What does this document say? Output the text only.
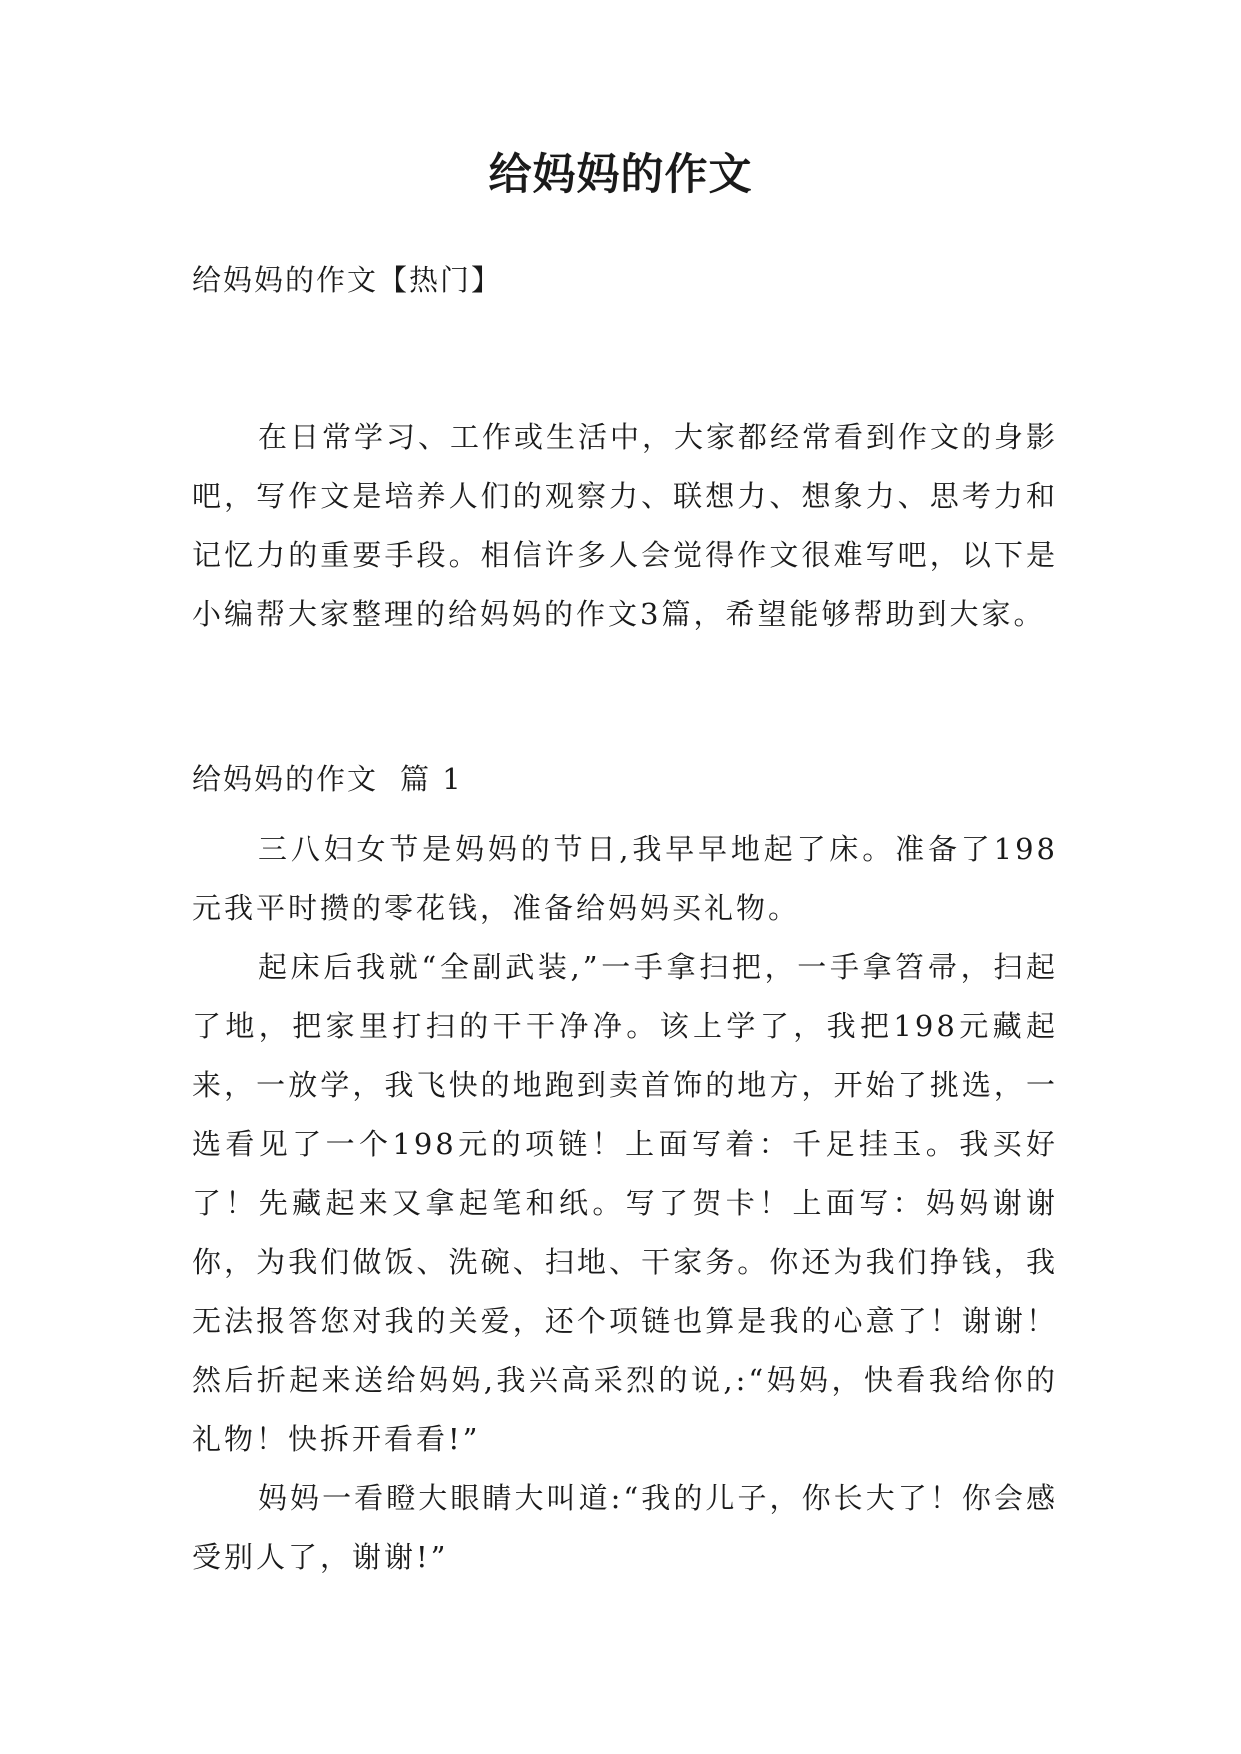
给妈妈的作文
给妈妈的作文【热门】

在日常学习、工作或生活中，大家都经常看到作文的身影吧，写作文是培养人们的观察力、联想力、想象力、思考力和记忆力的重要手段。相信许多人会觉得作文很难写吧，以下是小编帮大家整理的给妈妈的作文3篇，希望能够帮助到大家。

给妈妈的作文 篇 1

三八妇女节是妈妈的节日,我早早地起了床。准备了198元我平时攒的零花钱，准备给妈妈买礼物。

起床后我就“全副武装,”一手拿扫把，一手拿笤帚，扫起了地，把家里打扫的干干净净。该上学了，我把198元藏起来，一放学，我飞快的地跑到卖首饰的地方，开始了挑选，一选看见了一个198元的项链！上面写着：千足挂玉。我买好了！先藏起来又拿起笔和纸。写了贺卡！上面写：妈妈谢谢你，为我们做饭、洗碗、扫地、干家务。你还为我们挣钱，我无法报答您对我的关爱，还个项链也算是我的心意了！谢谢！然后折起来送给妈妈,我兴高采烈的说,:“妈妈，快看我给你的礼物！快拆开看看!”

妈妈一看瞪大眼睛大叫道:“我的儿子，你长大了！你会感受别人了，谢谢!”
